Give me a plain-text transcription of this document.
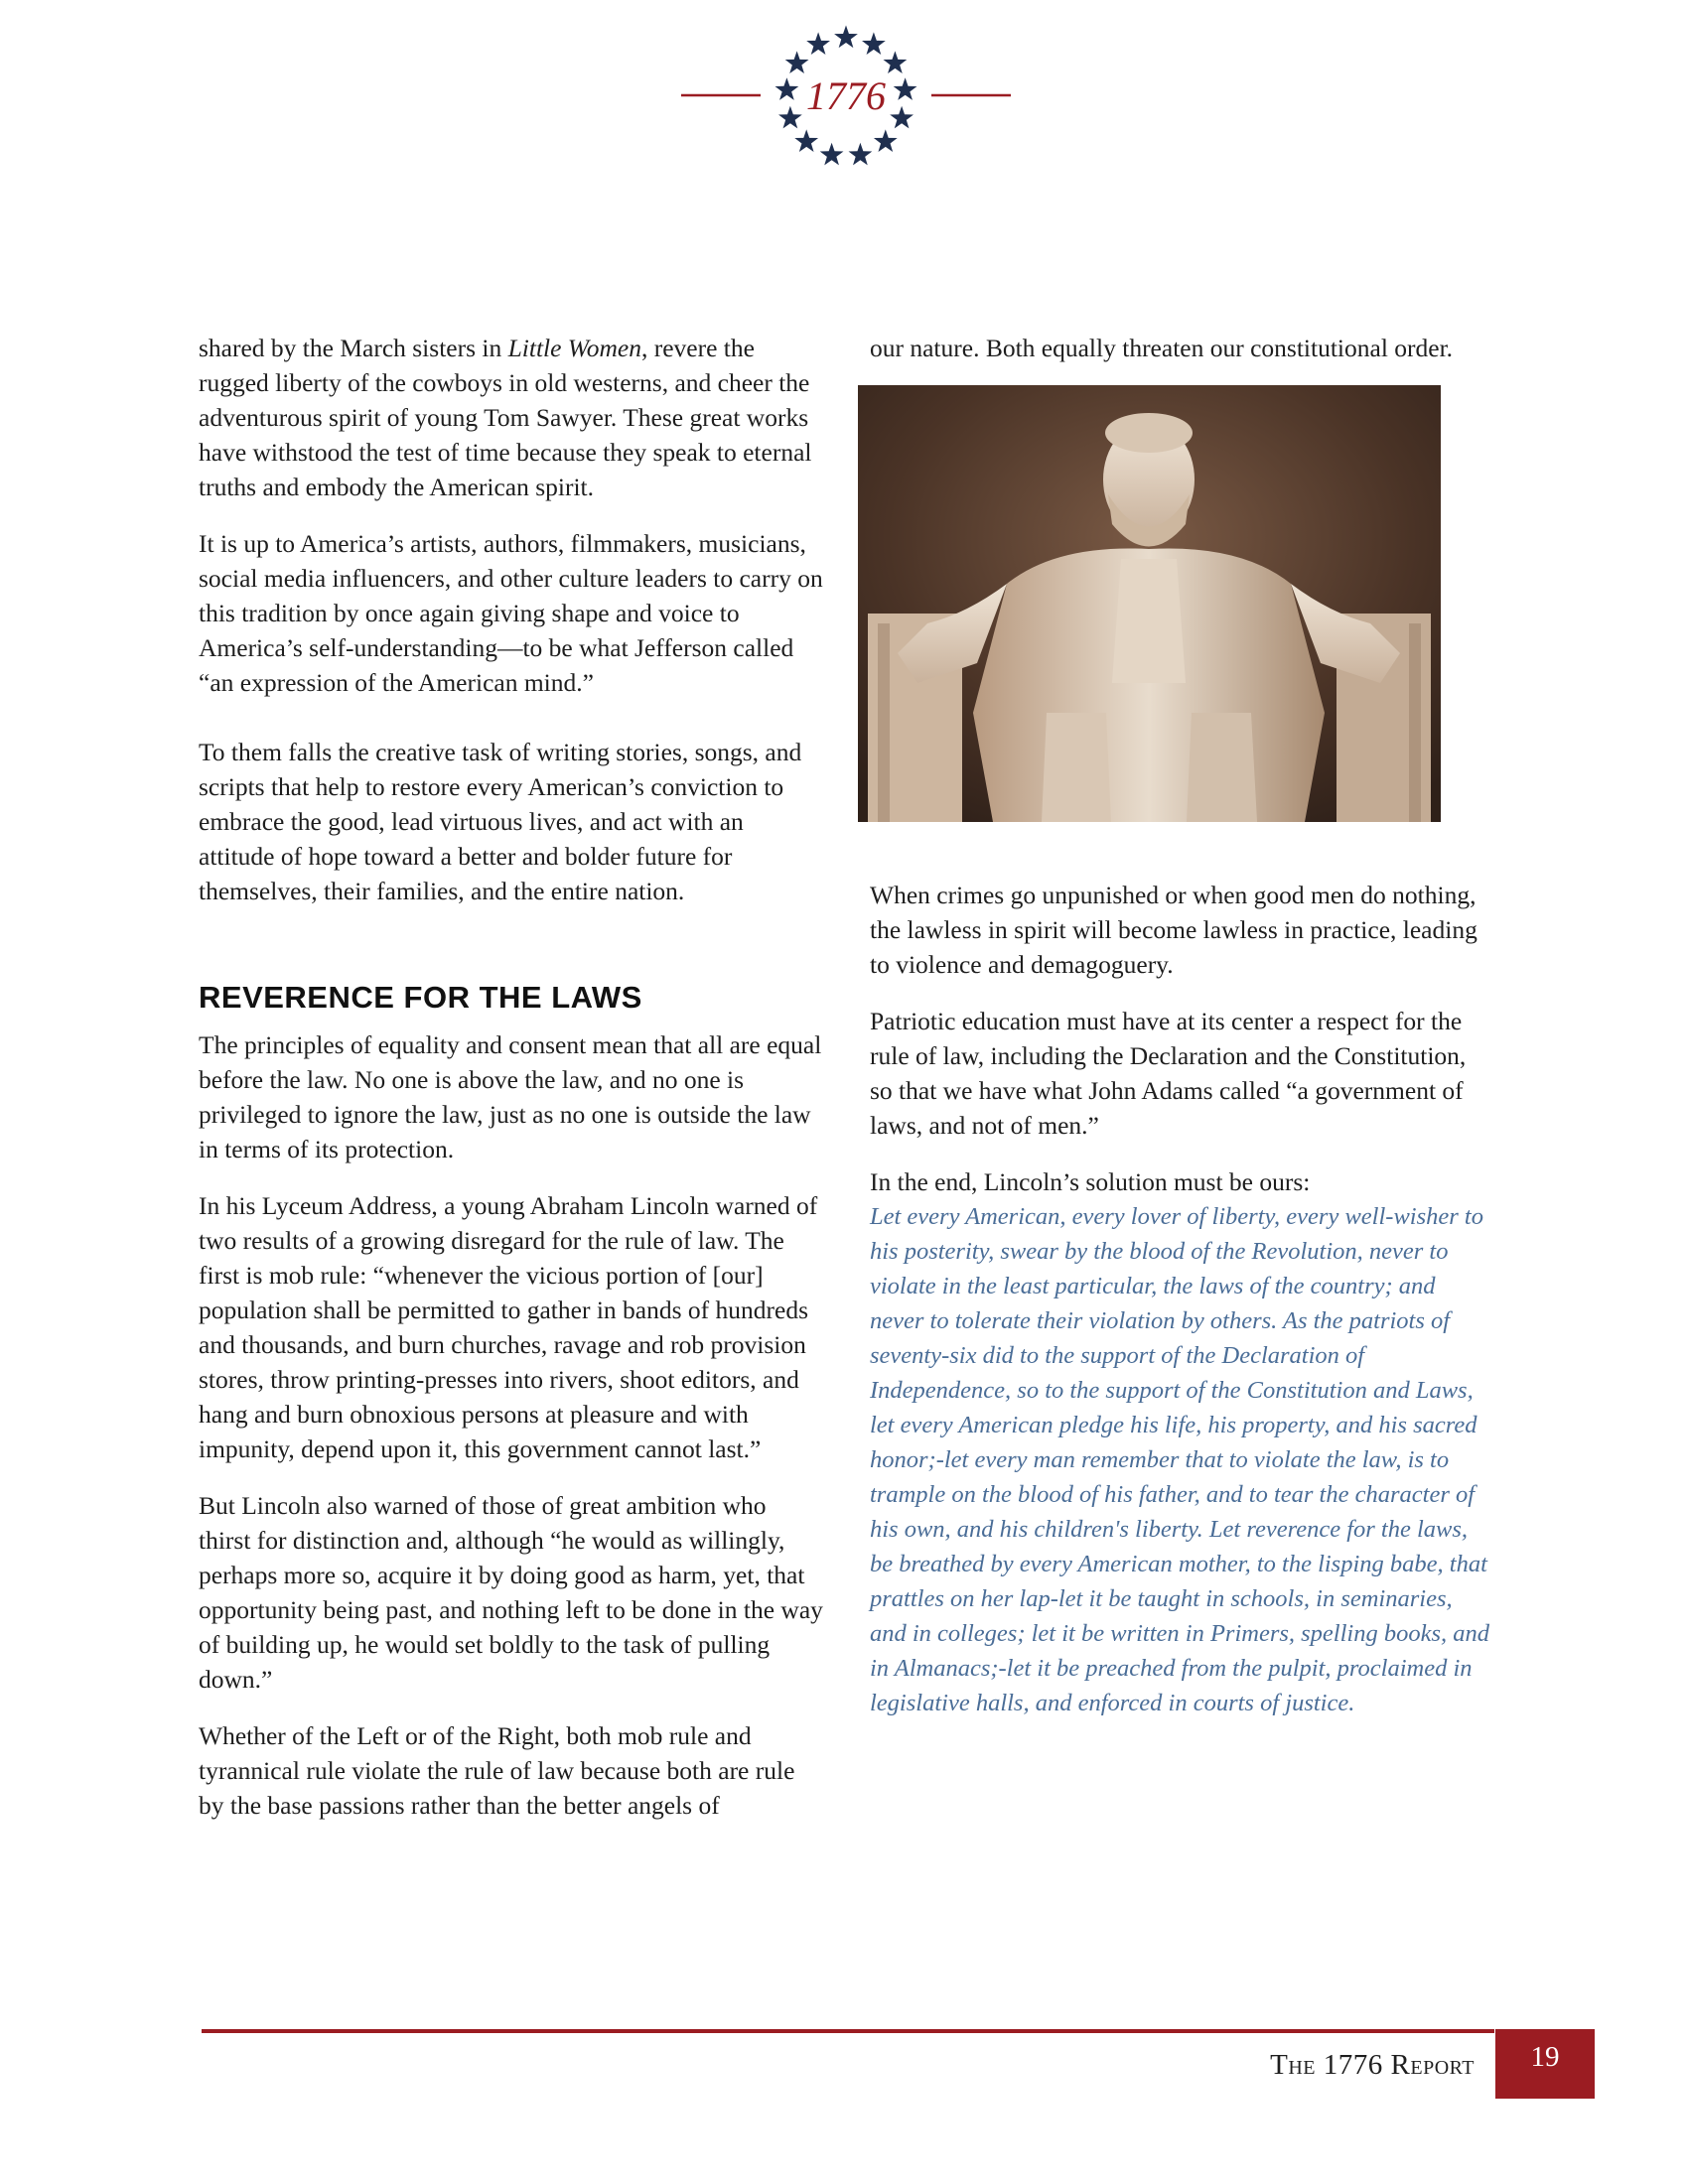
1776

shared by the March sisters in Little Women, revere the rugged liberty of the cowboys in old westerns, and cheer the adventurous spirit of young Tom Sawyer. These great works have withstood the test of time because they speak to eternal truths and embody the American spirit.

It is up to America’s artists, authors, filmmakers, musicians, social media influencers, and other culture leaders to carry on this tradition by once again giving shape and voice to America’s self-understanding—to be what Jefferson called “an expression of the American mind.”

To them falls the creative task of writing stories, songs, and scripts that help to restore every American’s conviction to embrace the good, lead virtuous lives, and act with an attitude of hope toward a better and bolder future for themselves, their families, and the entire nation.

REVERENCE FOR THE LAWS

The principles of equality and consent mean that all are equal before the law. No one is above the law, and no one is privileged to ignore the law, just as no one is outside the law in terms of its protection.

In his Lyceum Address, a young Abraham Lincoln warned of two results of a growing disregard for the rule of law. The first is mob rule: “whenever the vicious portion of [our] population shall be permitted to gather in bands of hundreds and thousands, and burn churches, ravage and rob provision stores, throw printing-presses into rivers, shoot editors, and hang and burn obnoxious persons at pleasure and with impunity, depend upon it, this government cannot last.”

But Lincoln also warned of those of great ambition who thirst for distinction and, although “he would as willingly, perhaps more so, acquire it by doing good as harm, yet, that opportunity being past, and nothing left to be done in the way of building up, he would set boldly to the task of pulling down.”

Whether of the Left or of the Right, both mob rule and tyrannical rule violate the rule of law because both are rule by the base passions rather than the better angels of

our nature. Both equally threaten our constitutional order.

When crimes go unpunished or when good men do nothing, the lawless in spirit will become lawless in practice, leading to violence and demagoguery.

Patriotic education must have at its center a respect for the rule of law, including the Declaration and the Constitution, so that we have what John Adams called “a government of laws, and not of men.”

In the end, Lincoln’s solution must be ours:

Let every American, every lover of liberty, every well-wisher to his posterity, swear by the blood of the Revolution, never to violate in the least particular, the laws of the country; and never to tolerate their violation by others. As the patriots of seventy-six did to the support of the Declaration of Independence, so to the support of the Constitution and Laws, let every American pledge his life, his property, and his sacred honor;-let every man remember that to violate the law, is to trample on the blood of his father, and to tear the character of his own, and his children's liberty. Let reverence for the laws, be breathed by every American mother, to the lisping babe, that prattles on her lap-let it be taught in schools, in seminaries, and in colleges; let it be written in Primers, spelling books, and in Almanacs;-let it be preached from the pulpit, proclaimed in legislative halls, and enforced in courts of justice.

The 1776 Report	19
